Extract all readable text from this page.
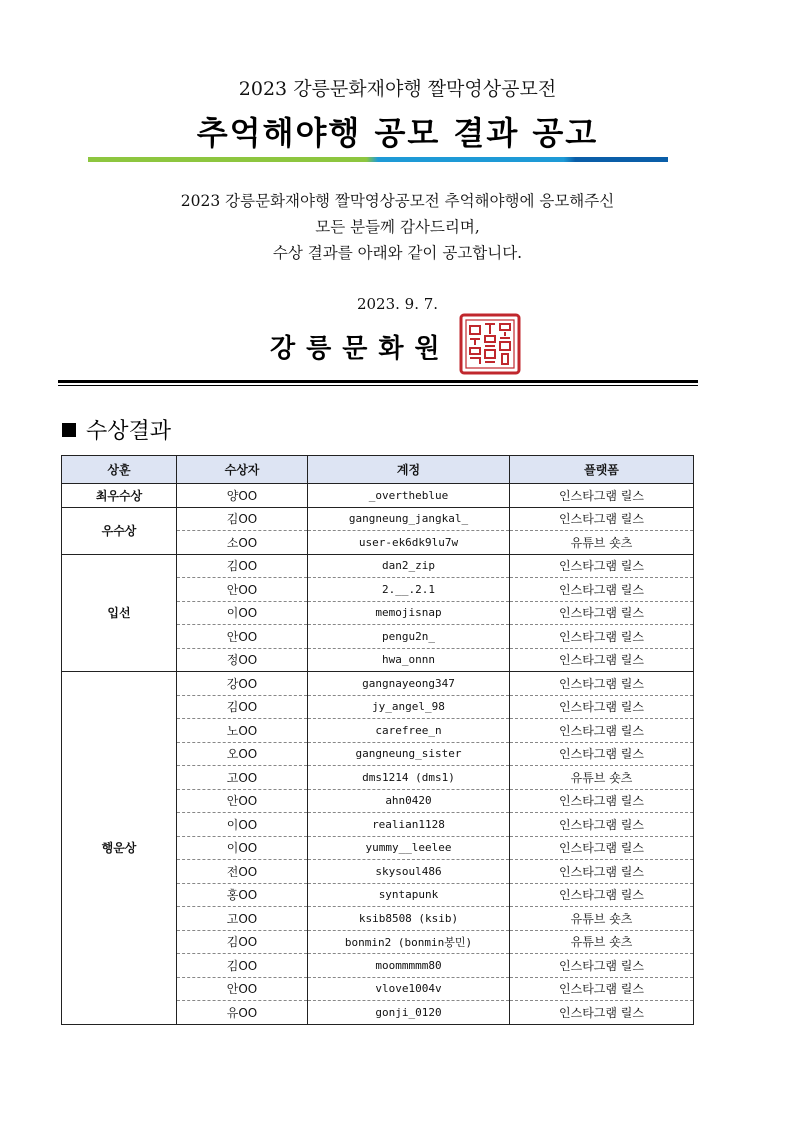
2023 강릉문화재야행 짤막영상공모전
추억해야행 공모 결과 공고
2023 강릉문화재야행 짤막영상공모전 추억해야행에 응모해주신
모든 분들께 감사드리며,
수상 결과를 아래와 같이 공고합니다.
2023. 9. 7.
강릉문화원
수상결과
상훈	수상자	계정	플랫폼
최우수상	양OO	_overtheblue	인스타그램 릴스
우수상	김OO	gangneung_jangkal_	인스타그램 릴스
	소OO	user-ek6dk9lu7w	유튜브 숏츠
입선	김OO	dan2_zip	인스타그램 릴스
	안OO	2.__.2.1	인스타그램 릴스
	이OO	memojisnap	인스타그램 릴스
	안OO	pengu2n_	인스타그램 릴스
	정OO	hwa_onnn	인스타그램 릴스
행운상	강OO	gangnayeong347	인스타그램 릴스
	김OO	jy_angel_98	인스타그램 릴스
	노OO	carefree_n	인스타그램 릴스
	오OO	gangneung_sister	인스타그램 릴스
	고OO	dms1214 (dms1)	유튜브 숏츠
	안OO	ahn0420	인스타그램 릴스
	이OO	realian1128	인스타그램 릴스
	이OO	yummy__leelee	인스타그램 릴스
	전OO	skysoul486	인스타그램 릴스
	홍OO	syntapunk	인스타그램 릴스
	고OO	ksib8508 (ksib)	유튜브 숏츠
	김OO	bonmin2 (bonmin봉민)	유튜브 숏츠
	김OO	moommmmm80	인스타그램 릴스
	안OO	vlove1004v	인스타그램 릴스
	유OO	gonji_0120	인스타그램 릴스
